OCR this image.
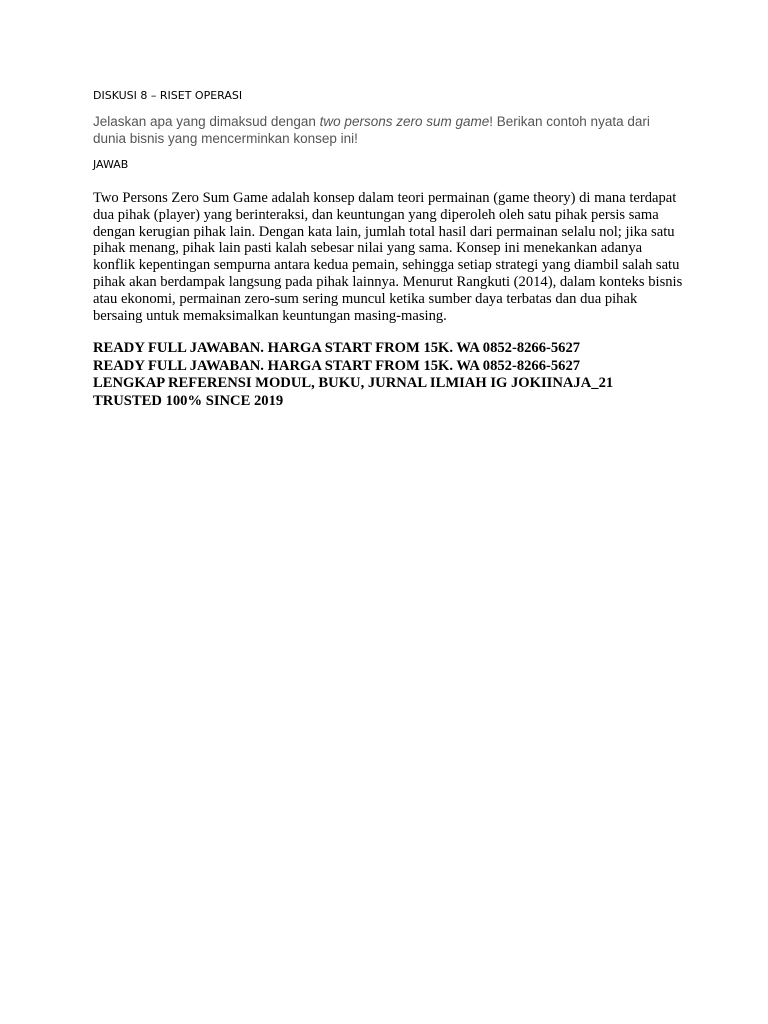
DISKUSI 8 – RISET OPERASI

Jelaskan apa yang dimaksud dengan two persons zero sum game! Berikan contoh nyata dari dunia bisnis yang mencerminkan konsep ini!

JAWAB

Two Persons Zero Sum Game adalah konsep dalam teori permainan (game theory) di mana terdapat dua pihak (player) yang berinteraksi, dan keuntungan yang diperoleh oleh satu pihak persis sama dengan kerugian pihak lain. Dengan kata lain, jumlah total hasil dari permainan selalu nol; jika satu pihak menang, pihak lain pasti kalah sebesar nilai yang sama. Konsep ini menekankan adanya konflik kepentingan sempurna antara kedua pemain, sehingga setiap strategi yang diambil salah satu pihak akan berdampak langsung pada pihak lainnya. Menurut Rangkuti (2014), dalam konteks bisnis atau ekonomi, permainan zero-sum sering muncul ketika sumber daya terbatas dan dua pihak bersaing untuk memaksimalkan keuntungan masing-masing.

READY FULL JAWABAN. HARGA START FROM 15K. WA 0852-8266-5627
READY FULL JAWABAN. HARGA START FROM 15K. WA 0852-8266-5627
LENGKAP REFERENSI MODUL, BUKU, JURNAL ILMIAH IG JOKIINAJA_21
TRUSTED 100% SINCE 2019
